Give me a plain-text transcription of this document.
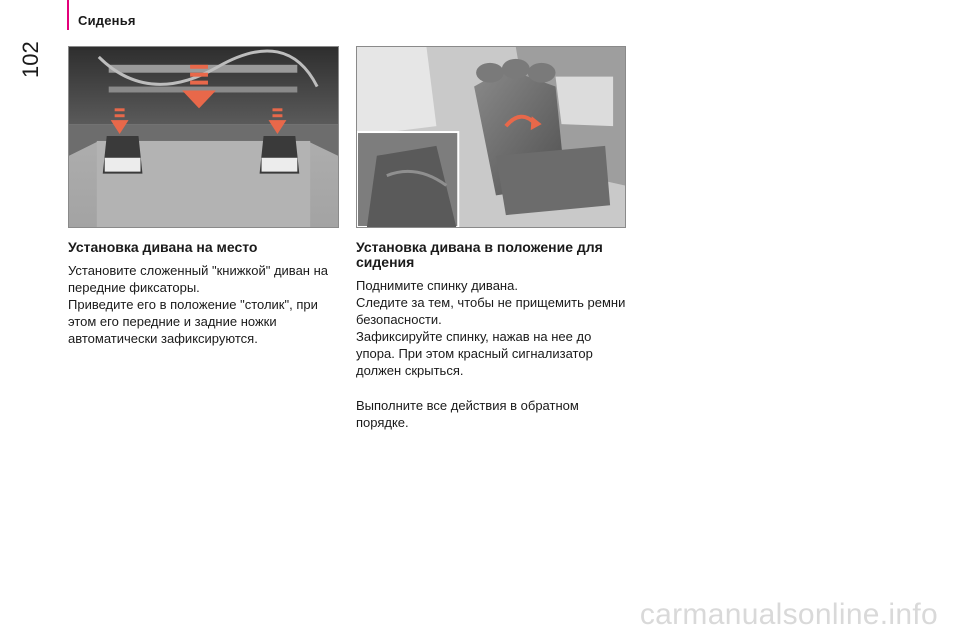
Сиденья
102
Установка дивана на место

Установите сложенный "книжкой" диван на передние фиксаторы.

Приведите его в положение "столик", при этом его передние и задние ножки автоматически зафиксируются.

Установка дивана в положение для сидения

Поднимите спинку дивана.

Следите за тем, чтобы не прищемить ремни безопасности.

Зафиксируйте спинку, нажав на нее до упора. При этом красный сигнализатор должен скрыться.

Выполните все действия в обратном порядке.

carmanualsonline.info
